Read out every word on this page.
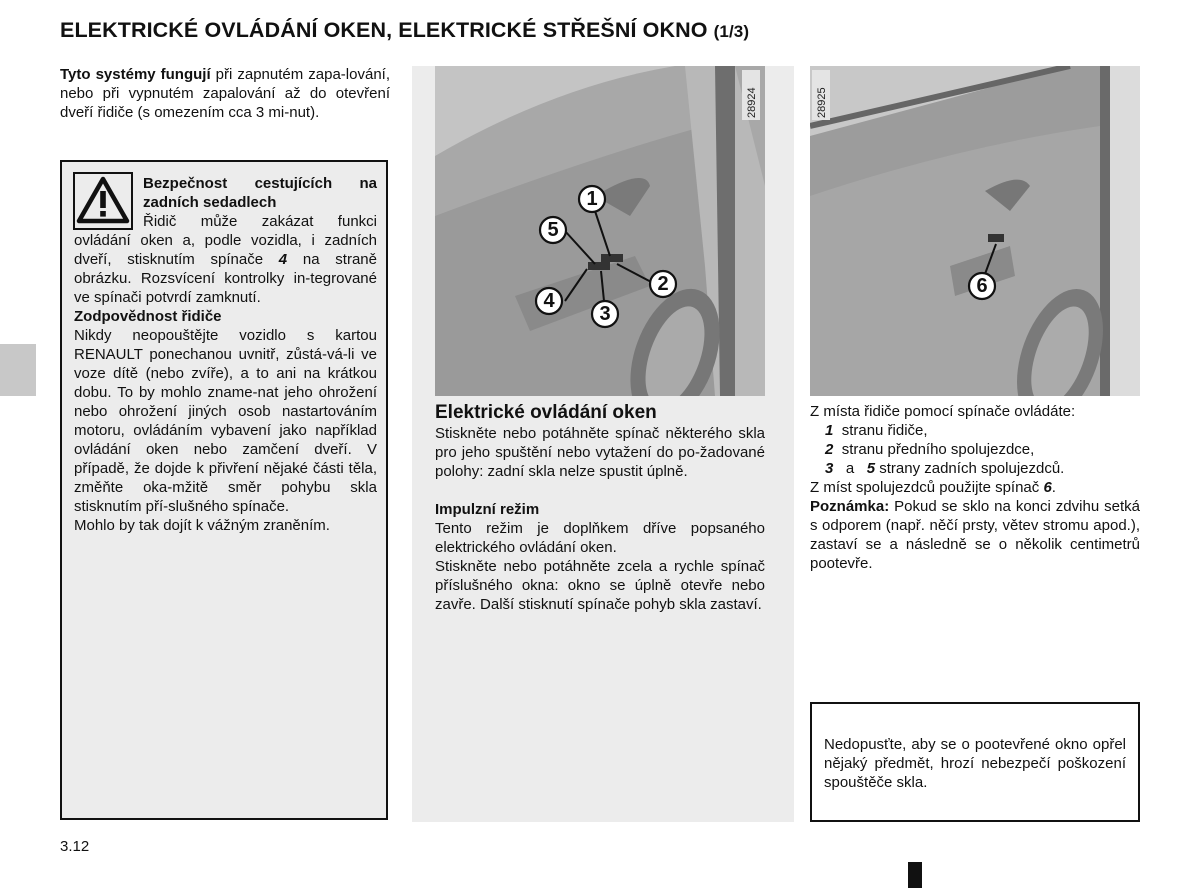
ELEKTRICKÉ OVLÁDÁNÍ OKEN, ELEKTRICKÉ STŘEŠNÍ OKNO (1/3)
Tyto systémy fungují při zapnutém zapa-lování, nebo při vypnutém zapalování až do otevření dveří řidiče (s omezením cca 3 mi-nut).
Bezpečnost cestujících na zadních sedadlech
Řidič může zakázat funkci ovládání oken a, podle vozidla, i zadních dveří, stisknutím spínače 4 na straně obrázku. Rozsvícení kontrolky in-tegrované ve spínači potvrdí zamknutí.
Zodpovědnost řidiče
Nikdy neopouštějte vozidlo s kartou RENAULT ponechanou uvnitř, zůstá-vá-li ve voze dítě (nebo zvíře), a to ani na krátkou dobu. To by mohlo zname-nat jeho ohrožení nebo ohrožení jiných osob nastartováním motoru, ovládáním vybavení jako například ovládání oken nebo zamčení dveří. V případě, že dojde k přivření nějaké části těla, změňte oka-mžitě směr pohybu skla stisknutím pří-slušného spínače.
Mohlo by tak dojít k vážným zraněním.
1
2
3
4
5
28924
6
28925
Elektrické ovládání oken
Stiskněte nebo potáhněte spínač některého skla pro jeho spuštění nebo vytažení do po-žadované polohy: zadní skla nelze spustit úplně.
Impulzní režim
Tento režim je doplňkem dříve popsaného elektrického ovládání oken.
Stiskněte nebo potáhněte zcela a rychle spínač příslušného okna: okno se úplně otevře nebo zavře. Další stisknutí spínače pohyb skla zastaví.
Z místa řidiče pomocí spínače ovládáte:
1 stranu řidiče,
2 stranu předního spolujezdce,
3 a 5 strany zadních spolujezdců.
Z míst spolujezdců použijte spínač 6.
Poznámka: Pokud se sklo na konci zdvihu setká s odporem (např. něčí prsty, větev stromu apod.), zastaví se a následně se o několik centimetrů pootevře.
Nedopusťte, aby se o pootevřené okno opřel nějaký předmět, hrozí nebezpečí poškození spouštěče skla.
3.12
